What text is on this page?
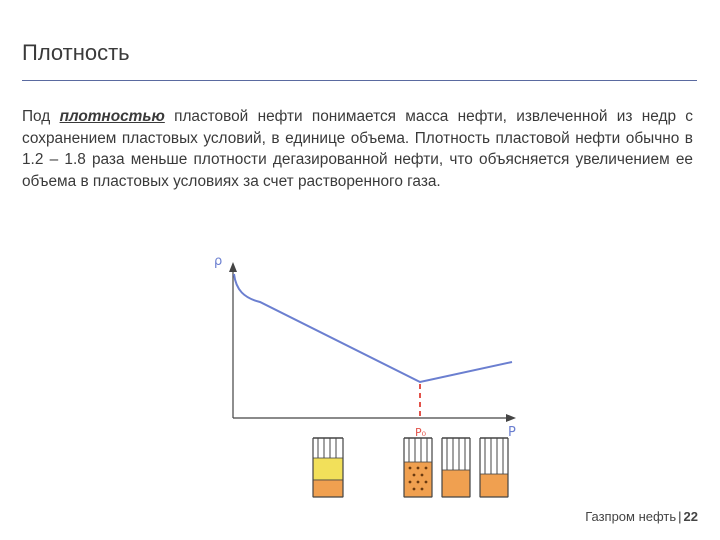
Плотность
Под плотностью пластовой нефти понимается масса нефти, извлеченной из недр с сохранением пластовых условий, в единице объема. Плотность пластовой нефти обычно в 1.2 – 1.8 раза меньше плотности дегазированной нефти, что объясняется увеличением ее объема в пластовых условиях за счет растворенного газа.
ρ
P
P₀
Газпром нефть | 22
